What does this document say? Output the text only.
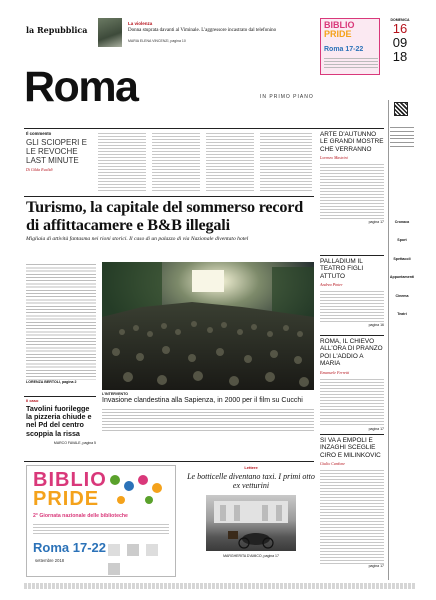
la Repubblica
La violenza
Donna stuprata davanti al Viminale. L'aggressore incastrato dal telefonino
MARIA ELENA VINCENZI, pagina 10
Roma	IN PRIMO PIANO
BIBLIO
PRIDE
Roma 17-22
DOMENICA
16
09
18
Cronaca
Sport
Spettacoli
Appuntamenti
Cinema
Teatri
Il commento
GLI SCIOPERI E LE REVOCHE LAST MINUTE
Di Gilda Evalidi
ARTE D'AUTUNNO LE GRANDI MOSTRE CHE VERRANNO
Lorenzo Mastrini
pagina 17
Turismo, la capitale del sommerso record di affittacamere e B&B illegali
Migliaia di attività fantasma nei rioni storici. Il caso di un palazzo di via Nazionale diventato hotel
LORENZA BERTOLI, pagina 2
L'INTERVENTO
Invasione clandestina alla Sapienza, in 2000 per il film su Cucchi
Il caso
Tavolini fuorilegge la pizzeria chiude e nel Pd del centro scoppia la rissa
MARCO FAVALE, pagina 5
PALLADIUM IL TEATRO FIGLI ATTUTO
Andrea Pinter
pagina 16
ROMA, IL CHIEVO ALL'ORA DI PRANZO POI L'ADDIO A MARIA
Emanuele Ferretti
pagina 17
SI VA A EMPOLI E INZAGHI SCEGLIE CIRO E MILINKOVIC
Giulio Cardone
pagina 17
BIBLIO
PRIDE
2° Giornata nazionale delle biblioteche
Roma 17-22
settembre 2018

Lettere
Le botticelle diventano taxi. I primi otto ex vetturini
MARGHERITA D'AMICO, pagina 17
